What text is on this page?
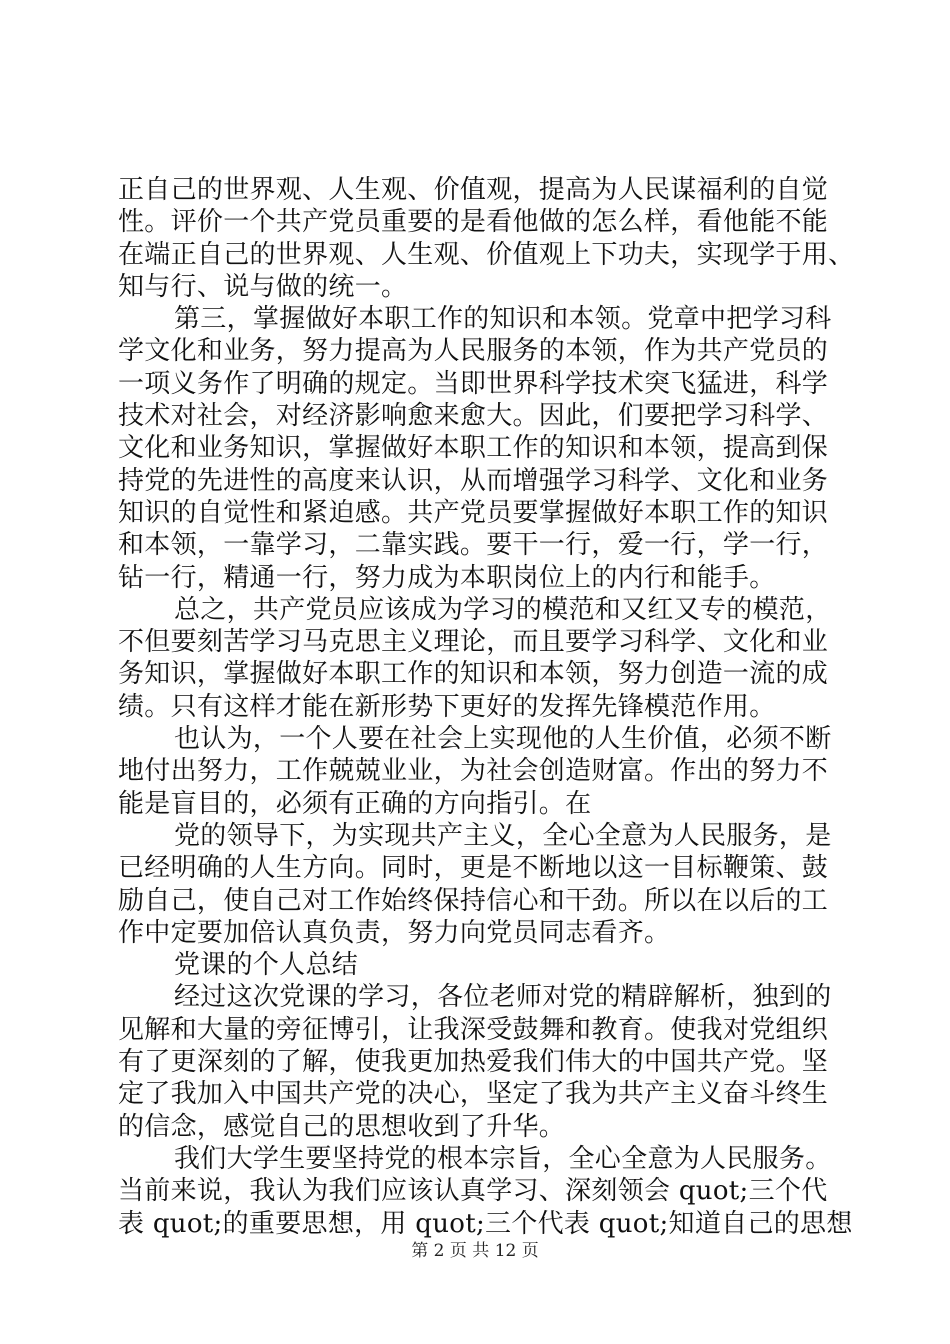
正自己的世界观、人生观、价值观，提高为人民谋福利的自觉
性。评价一个共产党员重要的是看他做的怎么样，看他能不能
在端正自己的世界观、人生观、价值观上下功夫，实现学于用、
知与行、说与做的统一。
第三，掌握做好本职工作的知识和本领。党章中把学习科
学文化和业务，努力提高为人民服务的本领，作为共产党员的
一项义务作了明确的规定。当即世界科学技术突飞猛进，科学
技术对社会，对经济影响愈来愈大。因此，们要把学习科学、
文化和业务知识，掌握做好本职工作的知识和本领，提高到保
持党的先进性的高度来认识，从而增强学习科学、文化和业务
知识的自觉性和紧迫感。共产党员要掌握做好本职工作的知识
和本领，一靠学习，二靠实践。要干一行，爱一行，学一行，
钻一行，精通一行，努力成为本职岗位上的内行和能手。
总之，共产党员应该成为学习的模范和又红又专的模范，
不但要刻苦学习马克思主义理论，而且要学习科学、文化和业
务知识，掌握做好本职工作的知识和本领，努力创造一流的成
绩。只有这样才能在新形势下更好的发挥先锋模范作用。
也认为，一个人要在社会上实现他的人生价值，必须不断
地付出努力，工作兢兢业业，为社会创造财富。作出的努力不
能是盲目的，必须有正确的方向指引。在
党的领导下，为实现共产主义，全心全意为人民服务，是
已经明确的人生方向。同时，更是不断地以这一目标鞭策、鼓
励自己，使自己对工作始终保持信心和干劲。所以在以后的工
作中定要加倍认真负责，努力向党员同志看齐。
党课的个人总结
经过这次党课的学习，各位老师对党的精辟解析，独到的
见解和大量的旁征博引，让我深受鼓舞和教育。使我对党组织
有了更深刻的了解，使我更加热爱我们伟大的中国共产党。坚
定了我加入中国共产党的决心，坚定了我为共产主义奋斗终生
的信念，感觉自己的思想收到了升华。
我们大学生要坚持党的根本宗旨，全心全意为人民服务。
当前来说，我认为我们应该认真学习、深刻领会 quot;三个代
表 quot;的重要思想，用 quot;三个代表 quot;知道自己的思想
第 2 页 共 12 页
